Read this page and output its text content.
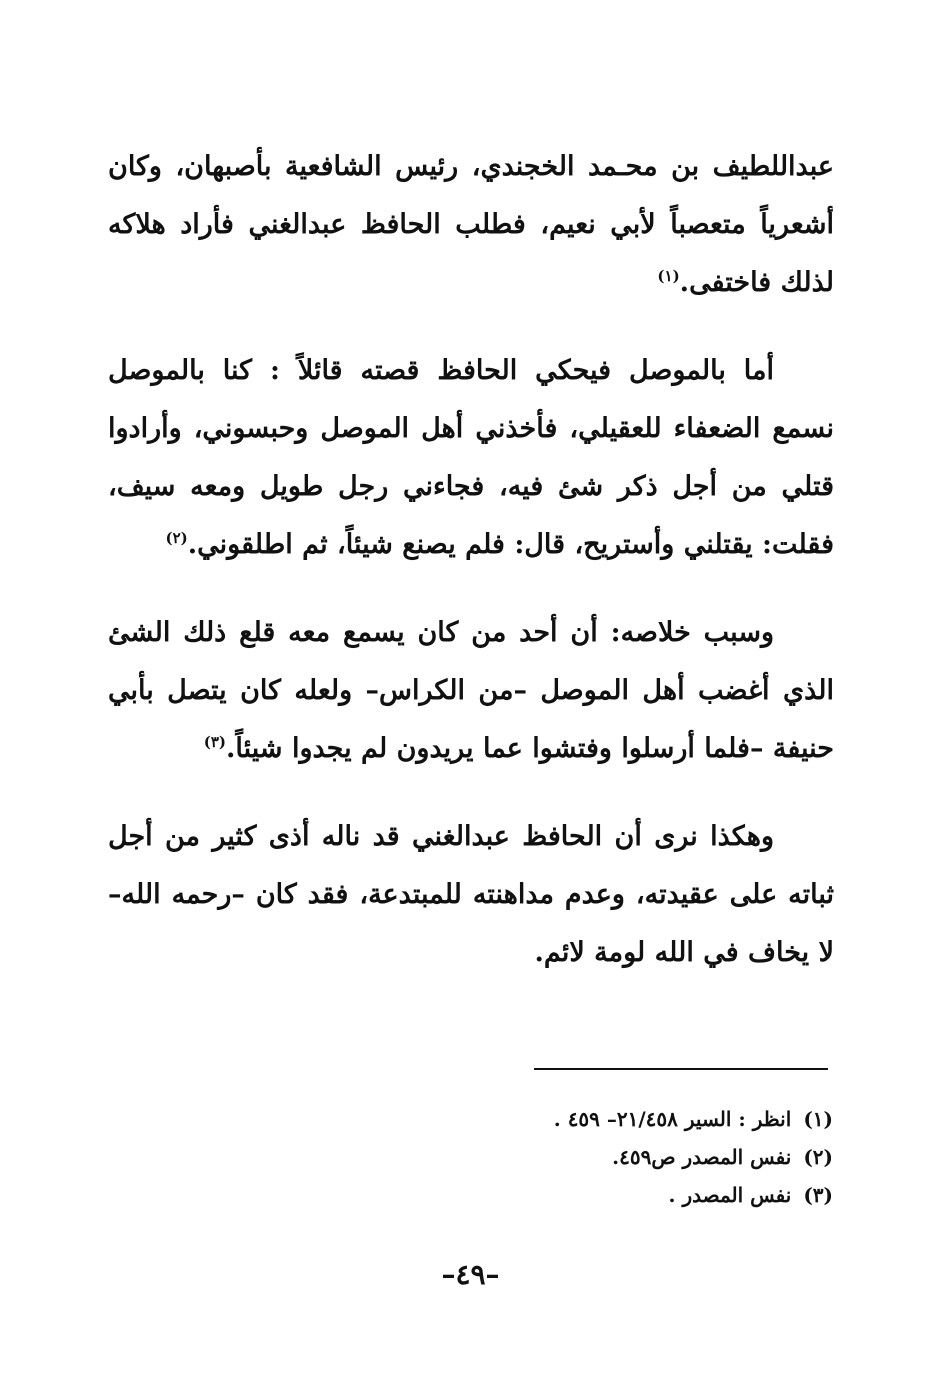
عبداللطيف بن محـمد الخجندي، رئيس الشافعية بأصبهان، وكان أشعرياً متعصباً لأبي نعيم، فطلب الحافظ عبدالغني فأراد هلاكه لذلك فاختفى.$^{(١)}$

أما بالموصل فيحكي الحافظ قصته قائلاً : كنا بالموصل نسمع الضعفاء للعقيلي، فأخذني أهل الموصل وحبسوني، وأرادوا قتلي من أجل ذكر شئ فيه، فجاءني رجل طويل ومعه سيف، فقلت: يقتلني وأستريح، قال: فلم يصنع شيئاً، ثم اطلقوني.$^{(٢)}$

وسبب خلاصه: أن أحد من كان يسمع معه قلع ذلك الشئ الذي أغضب أهل الموصل –من الكراس– ولعله كان يتصل بأبي حنيفة –فلما أرسلوا وفتشوا عما يريدون لم يجدوا شيئاً.$^{(٣)}$

وهكذا نرى أن الحافظ عبدالغني قد ناله أذى كثير من أجل ثباته على عقيدته، وعدم مداهنته للمبتدعة، فقد كان –رحمه الله– لا يخاف في الله لومة لائم.

(١)انظر : السير ٢١/٤٥٨– ٤٥٩ .

(٢)نفس المصدر ص٤٥٩.

(٣)نفس المصدر .

–٤٩–
